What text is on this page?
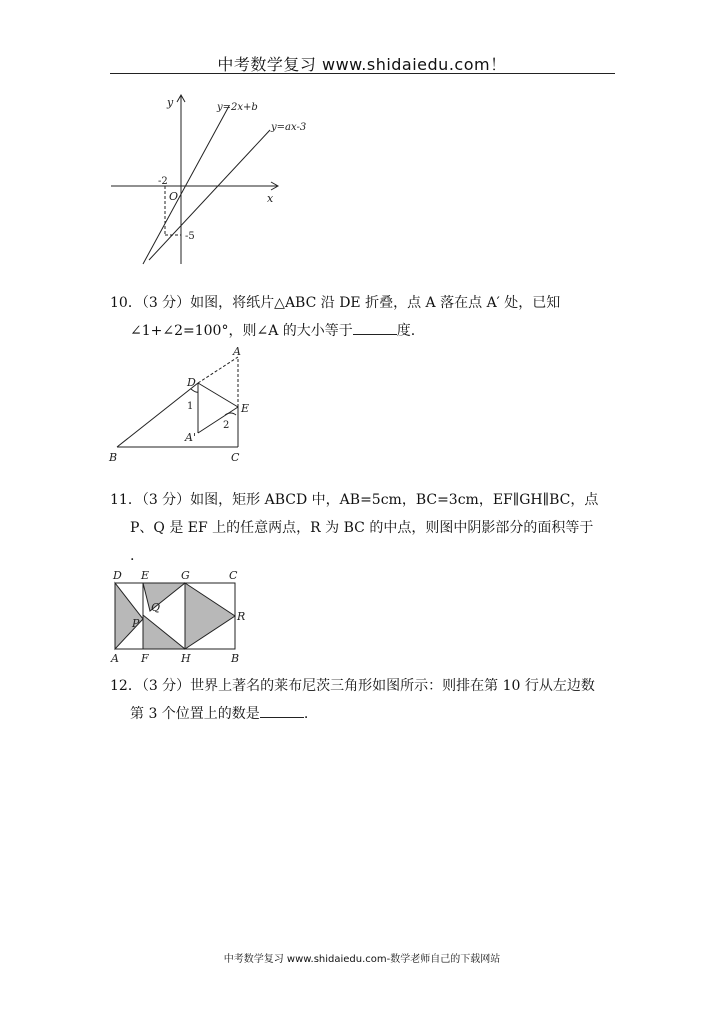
中考数学复习 www.shidaiedu.com！
y
x
O
y=2x+b
y=ax-3
-2
-5
10．（3 分）如图，将纸片△ABC 沿 DE 折叠，点 A 落在点 A′ 处，已知
∠1+∠2=100°，则∠A 的大小等于	度.
A
D
E
A'
B	C
1
2
11．（3 分）如图，矩形 ABCD 中，AB=5cm，BC=3cm，EF∥GH∥BC，点
P、Q 是 EF 上的任意两点，R 为 BC 的中点，则图中阴影部分的面积等于
.
D E	G	C
A F	H	B
P
Q
R
12．（3 分）世界上著名的莱布尼茨三角形如图所示：则排在第 10 行从左边数
第 3 个位置上的数是	.
中考数学复习 www.shidaiedu.com-数学老师自己的下载网站
